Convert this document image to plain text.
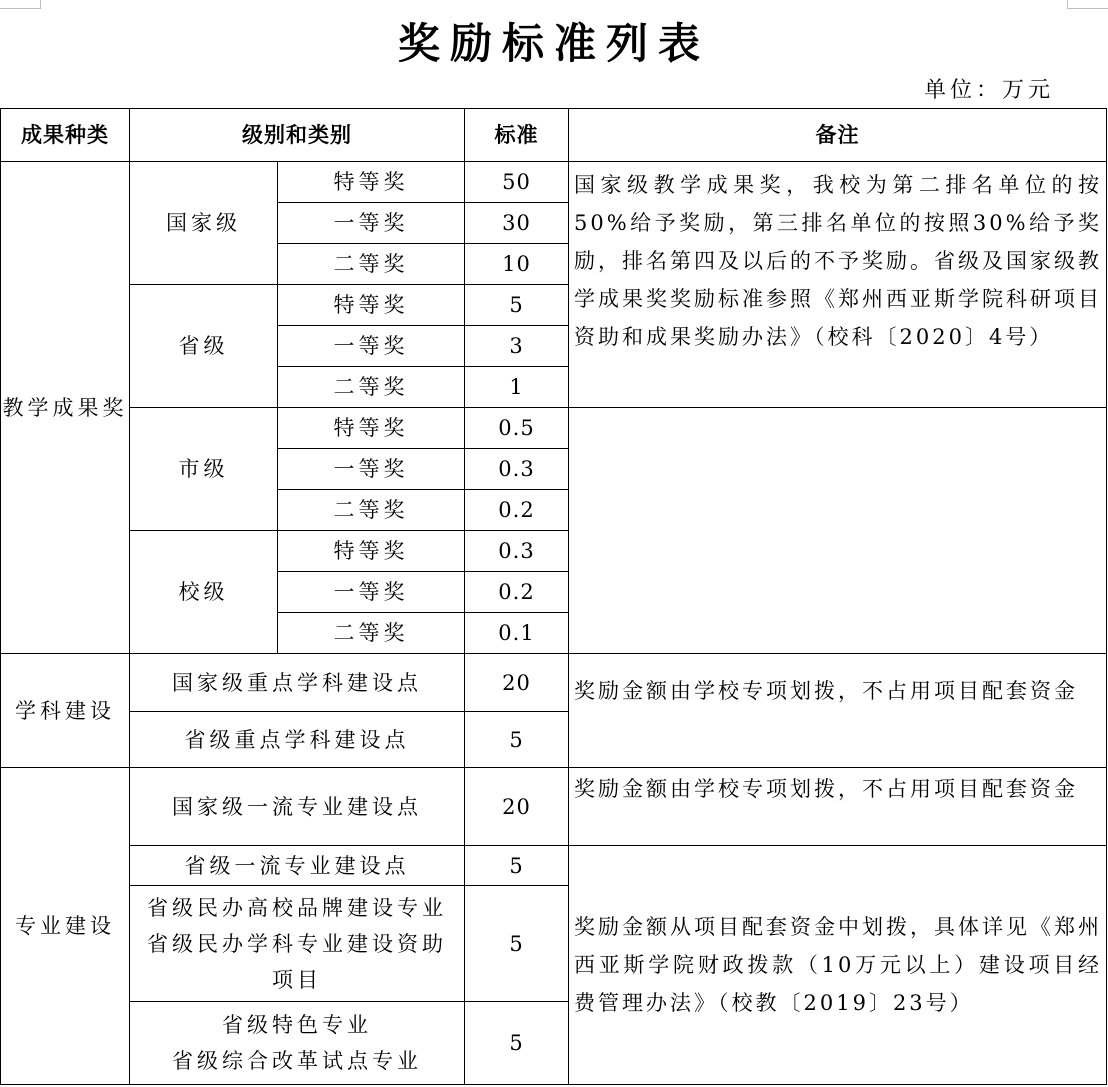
奖励标准列表
单位：万元
成果种类	级别和类别		标准	备注
教学成果奖	国家级	特等奖	50	国家级教学成果奖，我校为第二排名单位的按50%给予奖励，第三排名单位的按照30%给予奖励，排名第四及以后的不予奖励。省级及国家级教学成果奖奖励标准参照《郑州西亚斯学院科研项目资助和成果奖励办法》（校科〔2020〕4号）
		一等奖	30	
		二等奖	10	
	省级	特等奖	5	
		一等奖	3	
		二等奖	1	
	市级	特等奖	0.5	
		一等奖	0.3	
		二等奖	0.2	
	校级	特等奖	0.3	
		一等奖	0.2	
		二等奖	0.1	
学科建设	国家级重点学科建设点		20	奖励金额由学校专项划拨，不占用项目配套资金
	省级重点学科建设点		5	
专业建设	国家级一流专业建设点		20	奖励金额由学校专项划拨，不占用项目配套资金
	省级一流专业建设点		5	奖励金额从项目配套资金中划拨，具体详见《郑州西亚斯学院财政拨款（10万元以上）建设项目经费管理办法》（校教〔2019〕23号）

	省级民办高校品牌建设专业
省级民办学科专业建设资助
项目		5	

	省级特色专业
省级综合改革试点专业		5	
